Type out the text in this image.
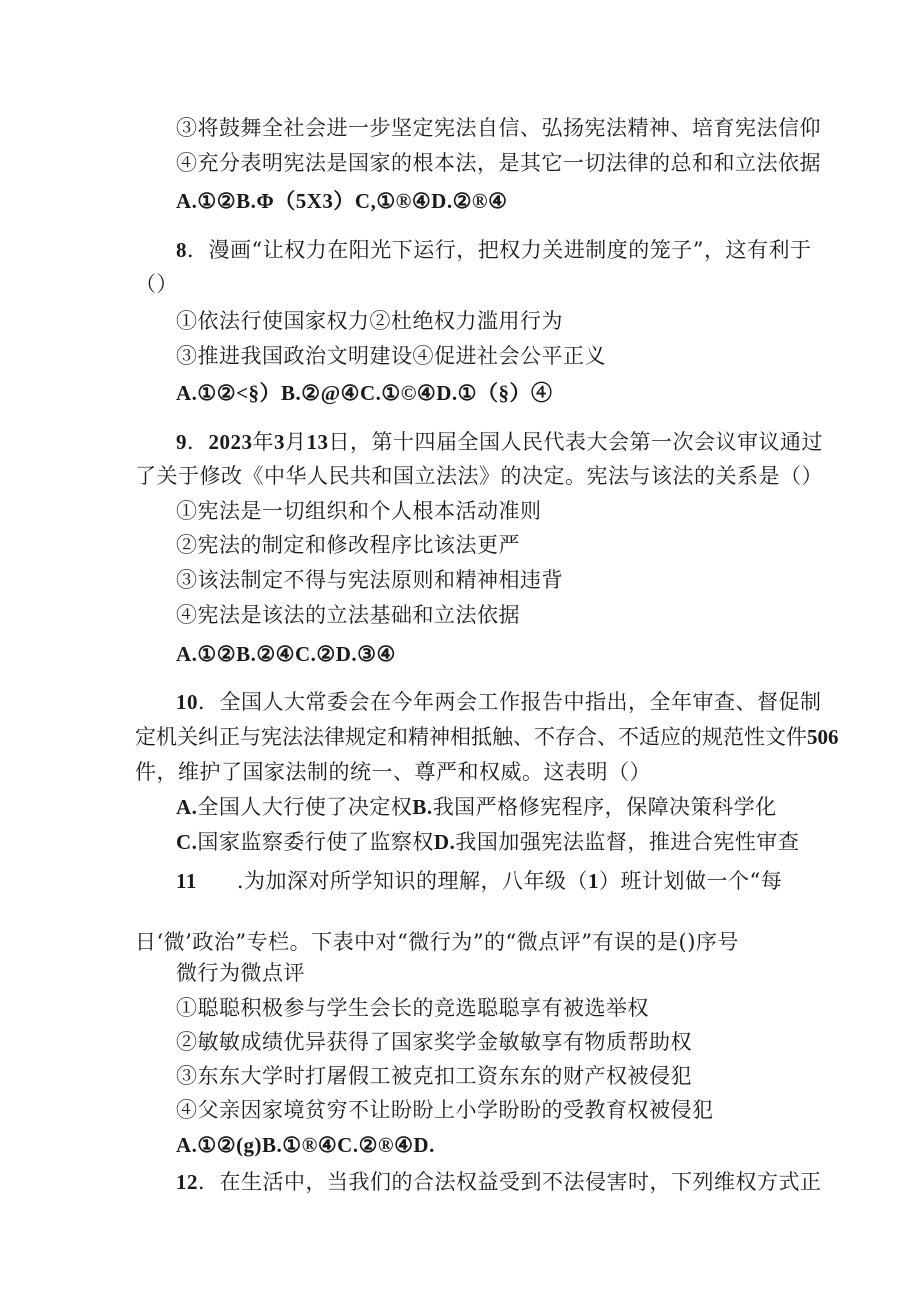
③将鼓舞全社会进一步坚定宪法自信、弘扬宪法精神、培育宪法信仰
④充分表明宪法是国家的根本法，是其它一切法律的总和和立法依据
A.①②B.Φ（5X3）C,①®④D.②®④
8．漫画“让权力在阳光下运行，把权力关进制度的笼子”，这有利于
（）
①依法行使国家权力②杜绝权力滥用行为
③推进我国政治文明建设④促进社会公平正义
A.①②<§）B.②@④C.①©④D.①（§）④
9．2023年3月13日，第十四届全国人民代表大会第一次会议审议通过
了关于修改《中华人民共和国立法法》的决定。宪法与该法的关系是（）
①宪法是一切组织和个人根本活动准则
②宪法的制定和修改程序比该法更严
③该法制定不得与宪法原则和精神相违背
④宪法是该法的立法基础和立法依据
A.①②B.②④C.②D.③④
10．全国人大常委会在今年两会工作报告中指出，全年审查、督促制
定机关纠正与宪法法律规定和精神相抵触、不存合、不适应的规范性文件506
件，维护了国家法制的统一、尊严和权威。这表明（）
A.全国人大行使了决定权B.我国严格修宪程序，保障决策科学化
C.国家监察委行使了监察权D.我国加强宪法监督，推进合宪性审查
11 .为加深对所学知识的理解，八年级（1）班计划做一个“每
日‘微’政治”专栏。下表中对“微行为”的“微点评”有误的是()序号
微行为微点评
①聪聪积极参与学生会长的竞选聪聪享有被选举权
②敏敏成绩优异获得了国家奖学金敏敏享有物质帮助权
③东东大学时打屠假工被克扣工资东东的财产权被侵犯
④父亲因家境贫穷不让盼盼上小学盼盼的受教育权被侵犯
A.①②(g)B.①®④C.②®④D.
12．在生活中，当我们的合法权益受到不法侵害时，下列维权方式正
